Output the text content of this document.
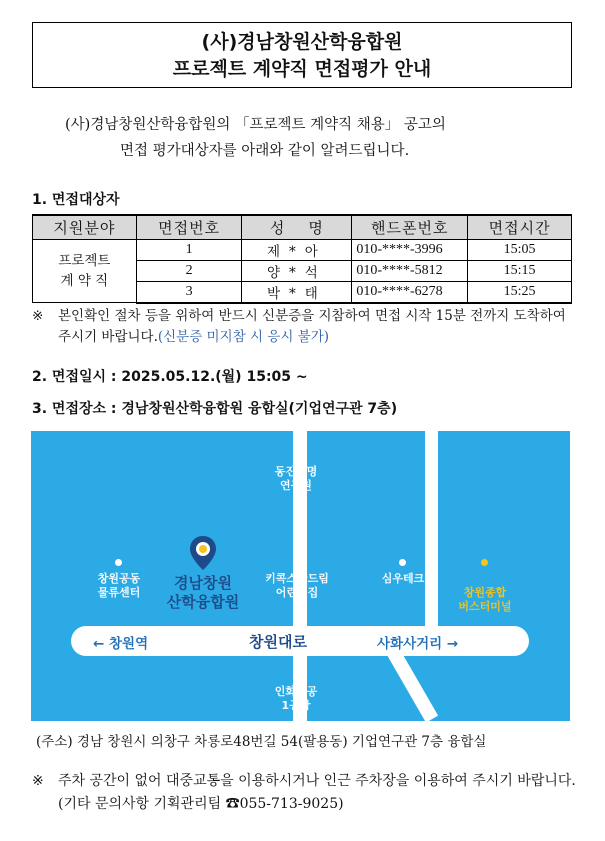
(사)경남창원산학융합원
프로젝트 계약직 면접평가 안내
(사)경남창원산학융합원의 「프로젝트 계약직 채용」 공고의
면접 평가대상자를 아래와 같이 알려드립니다.
1. 면접대상자
지원분야	면접번호	성    명	핸드폰번호	면접시간
프로젝트
계 약 직	1	제*아	010-****-3996	15:05
	2	양*석	010-****-5812	15:15
	3	박*태	010-****-6278	15:25
※	본인확인 절차 등을 위하여 반드시 신분증을 지참하여 면접 시작 15분 전까지 도착하여 주시기 바랍니다.(신분증 미지참 시 응시 불가)
2. 면접일시 : 2025.05.12.(월) 15:05 ~
3. 면접장소 : 경남창원산학융합원 융합실(기업연구관 7층)
동진생명
연구원
창원공동
물류센터
키콕스꿈드림
어린이집
심우테크
창원종합
버스터미널
인화정공
1공장
경남창원
산학융합원
← 창원역	창원대로	사화사거리 →
(주소) 경남 창원시 의창구 차룡로48번길 54(팔용동) 기업연구관 7층 융합실
※	주차 공간이 없어 대중교통을 이용하시거나 인근 주차장을 이용하여 주시기 바랍니다. (기타 문의사항 기획관리팀 ☎055-713-9025)
